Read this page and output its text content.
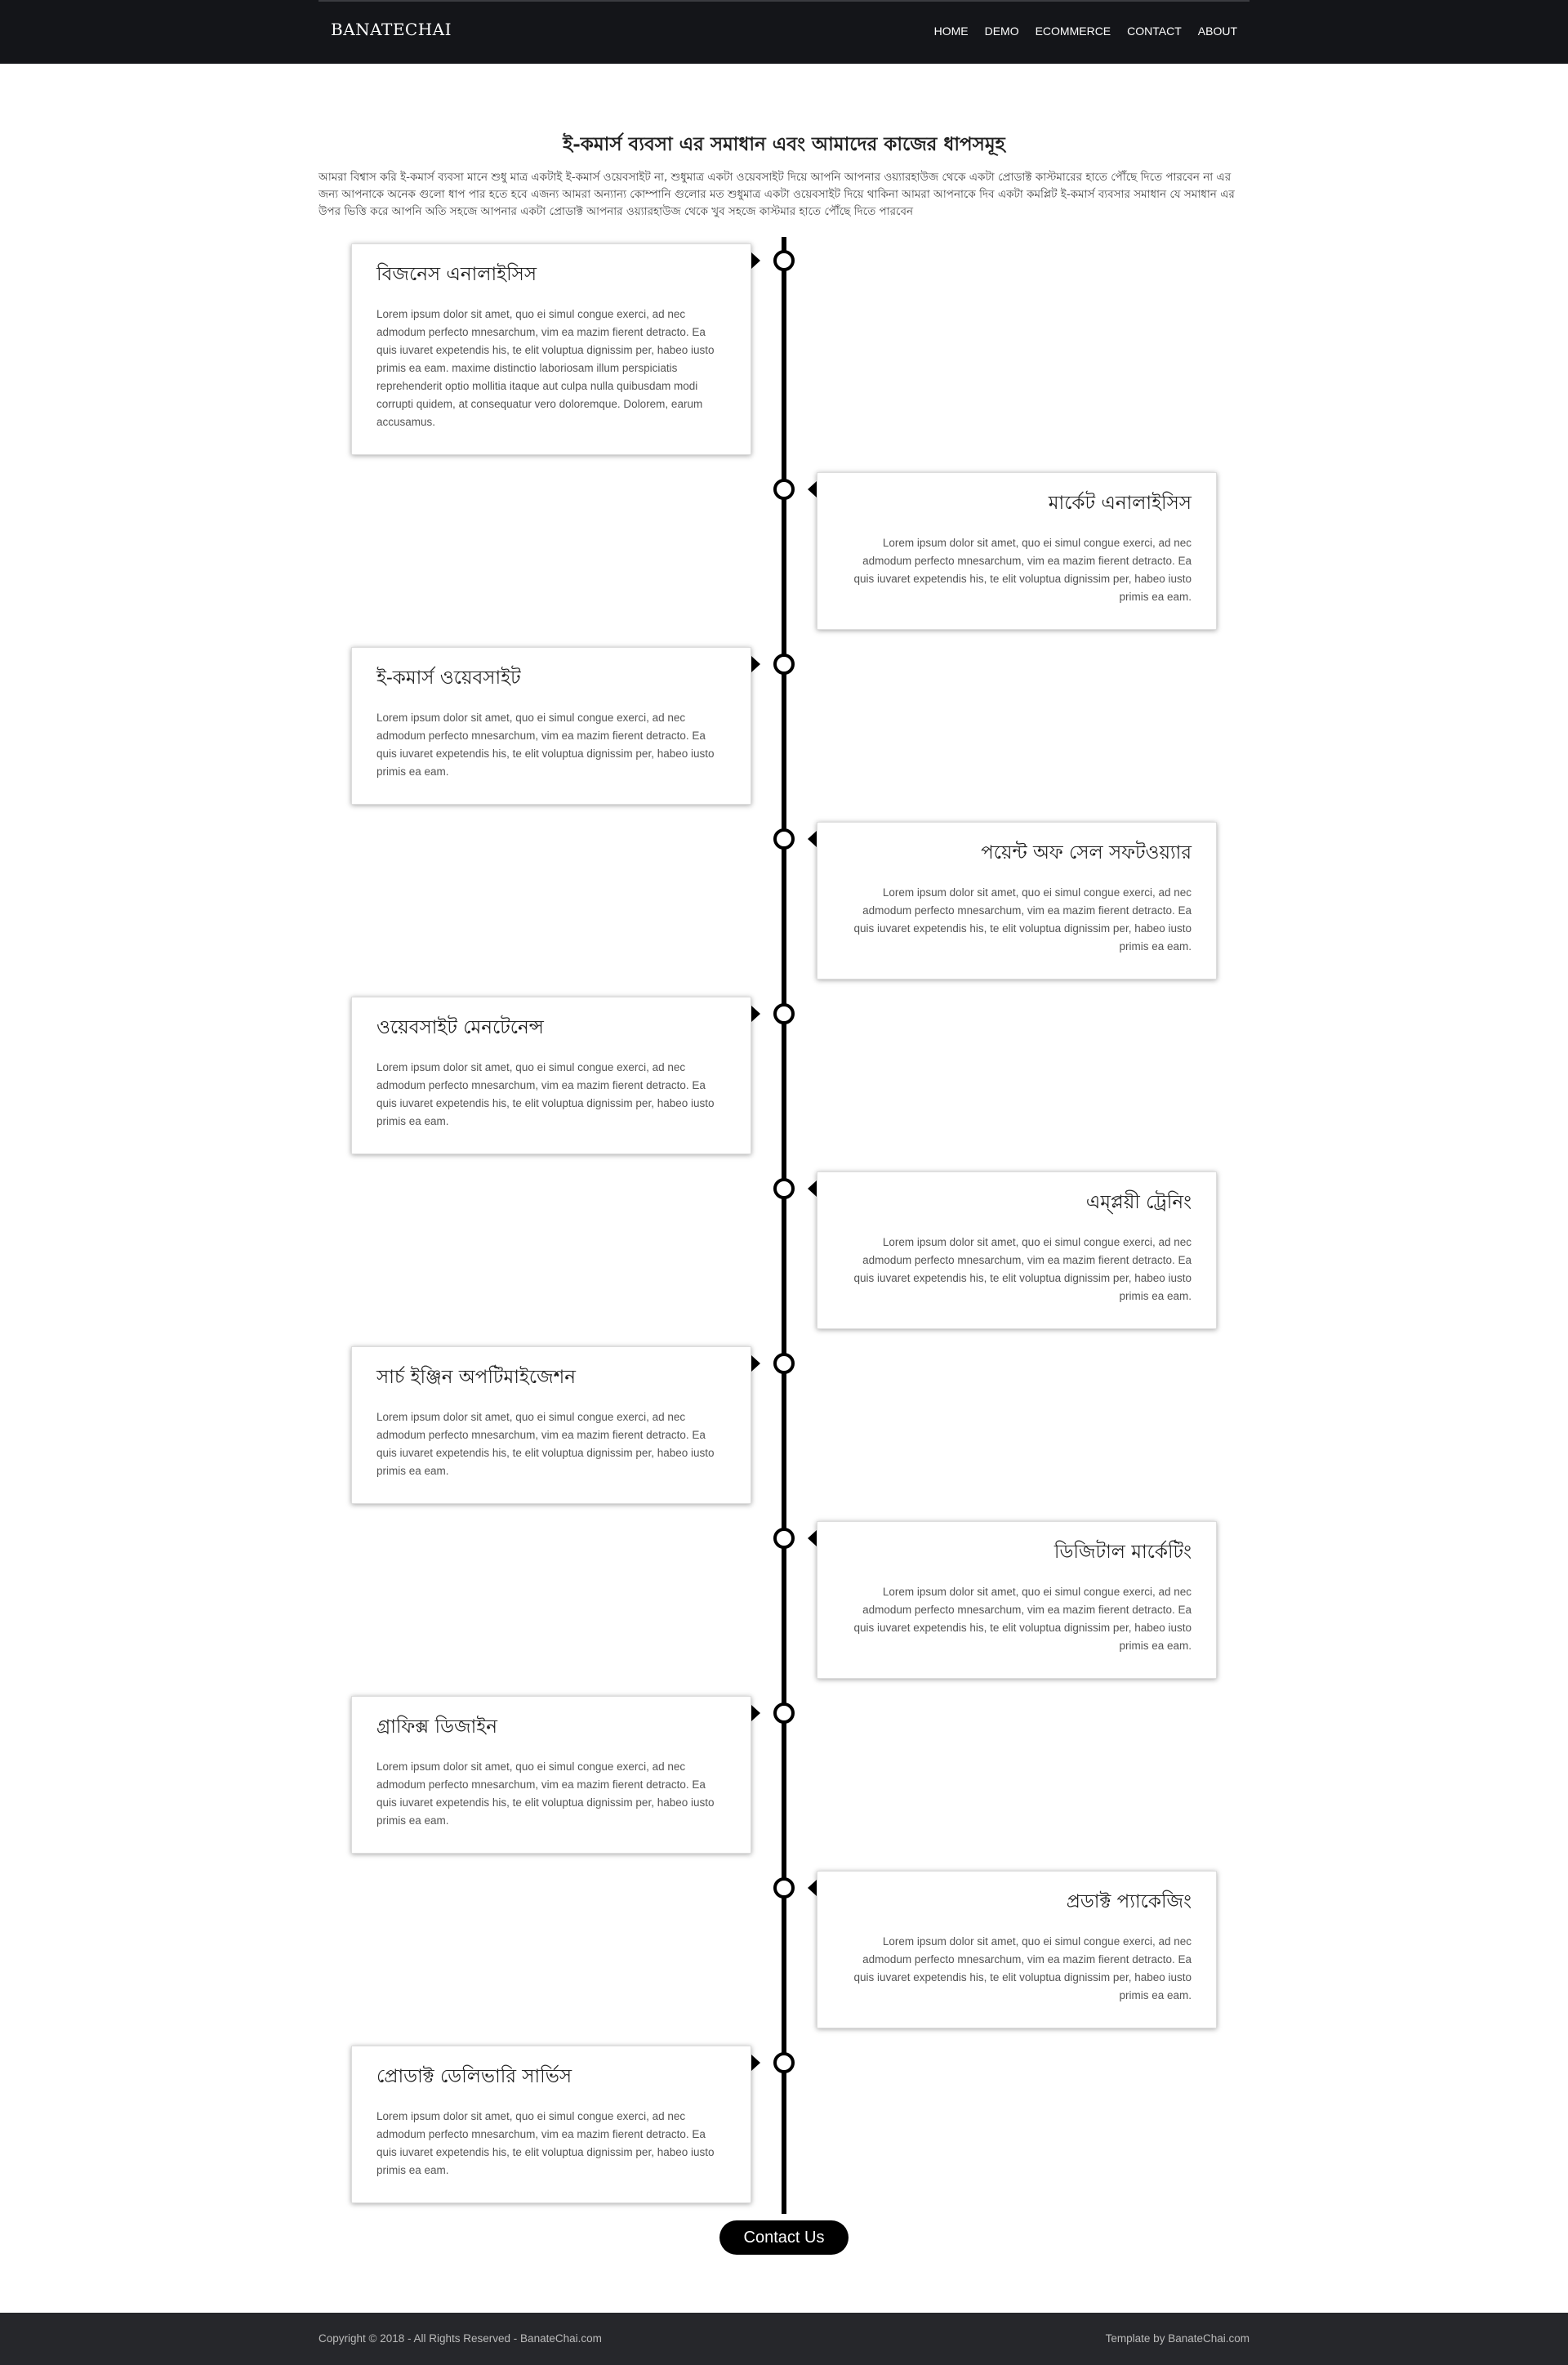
BANATECHAI	HOME DEMO ECOMMERCE CONTACT ABOUT
ই-কমার্স ব্যবসা এর সমাধান এবং আমাদের কাজের ধাপসমূহ

আমরা বিশ্বাস করি ই-কমার্স ব্যবসা মানে শুধু মাত্র একটাই ই-কমার্স ওয়েবসাইট না, শুধুমাত্র একটা ওয়েবসাইট দিয়ে আপনি আপনার ওয়্যারহাউজ থেকে একটা প্রোডাক্ট কাস্টমারের হাতে পৌঁছে দিতে পারবেন না এর জন্য আপনাকে অনেক গুলো ধাপ পার হতে হবে এজন্য আমরা অন্যান্য কোম্পানি গুলোর মত শুধুমাত্র একটা ওয়েবসাইট দিয়ে থাকিনা আমরা আপনাকে দিব একটা কমপ্লিট ই-কমার্স ব্যবসার সমাধান যে সমাধান এর উপর ভিত্তি করে আপনি অতি সহজে আপনার একটা প্রোডাক্ট আপনার ওয়্যারহাউজ থেকে খুব সহজে কাস্টমার হাতে পৌঁছে দিতে পারবেন

বিজনেস এনালাইসিস

Lorem ipsum dolor sit amet, quo ei simul congue exerci, ad nec admodum perfecto mnesarchum, vim ea mazim fierent detracto. Ea quis iuvaret expetendis his, te elit voluptua dignissim per, habeo iusto primis ea eam. maxime distinctio laboriosam illum perspiciatis reprehenderit optio mollitia itaque aut culpa nulla quibusdam modi corrupti quidem, at consequatur vero doloremque. Dolorem, earum accusamus.

মার্কেট এনালাইসিস

Lorem ipsum dolor sit amet, quo ei simul congue exerci, ad nec admodum perfecto mnesarchum, vim ea mazim fierent detracto. Ea quis iuvaret expetendis his, te elit voluptua dignissim per, habeo iusto primis ea eam.

ই-কমার্স ওয়েবসাইট

Lorem ipsum dolor sit amet, quo ei simul congue exerci, ad nec admodum perfecto mnesarchum, vim ea mazim fierent detracto. Ea quis iuvaret expetendis his, te elit voluptua dignissim per, habeo iusto primis ea eam.

পয়েন্ট অফ সেল সফটওয়্যার

Lorem ipsum dolor sit amet, quo ei simul congue exerci, ad nec admodum perfecto mnesarchum, vim ea mazim fierent detracto. Ea quis iuvaret expetendis his, te elit voluptua dignissim per, habeo iusto primis ea eam.

ওয়েবসাইট মেনটেনেন্স

Lorem ipsum dolor sit amet, quo ei simul congue exerci, ad nec admodum perfecto mnesarchum, vim ea mazim fierent detracto. Ea quis iuvaret expetendis his, te elit voluptua dignissim per, habeo iusto primis ea eam.

এম্প্লয়ী ট্রেনিং

Lorem ipsum dolor sit amet, quo ei simul congue exerci, ad nec admodum perfecto mnesarchum, vim ea mazim fierent detracto. Ea quis iuvaret expetendis his, te elit voluptua dignissim per, habeo iusto primis ea eam.

সার্চ ইঞ্জিন অপটিমাইজেশন

Lorem ipsum dolor sit amet, quo ei simul congue exerci, ad nec admodum perfecto mnesarchum, vim ea mazim fierent detracto. Ea quis iuvaret expetendis his, te elit voluptua dignissim per, habeo iusto primis ea eam.

ডিজিটাল মার্কেটিং

Lorem ipsum dolor sit amet, quo ei simul congue exerci, ad nec admodum perfecto mnesarchum, vim ea mazim fierent detracto. Ea quis iuvaret expetendis his, te elit voluptua dignissim per, habeo iusto primis ea eam.

গ্রাফিক্স ডিজাইন

Lorem ipsum dolor sit amet, quo ei simul congue exerci, ad nec admodum perfecto mnesarchum, vim ea mazim fierent detracto. Ea quis iuvaret expetendis his, te elit voluptua dignissim per, habeo iusto primis ea eam.

প্রডাক্ট প্যাকেজিং

Lorem ipsum dolor sit amet, quo ei simul congue exerci, ad nec admodum perfecto mnesarchum, vim ea mazim fierent detracto. Ea quis iuvaret expetendis his, te elit voluptua dignissim per, habeo iusto primis ea eam.

প্রোডাক্ট ডেলিভারি সার্ভিস

Lorem ipsum dolor sit amet, quo ei simul congue exerci, ad nec admodum perfecto mnesarchum, vim ea mazim fierent detracto. Ea quis iuvaret expetendis his, te elit voluptua dignissim per, habeo iusto primis ea eam.

Contact Us
Copyright © 2018 - All Rights Reserved - BanateChai.com	Template by BanateChai.com
